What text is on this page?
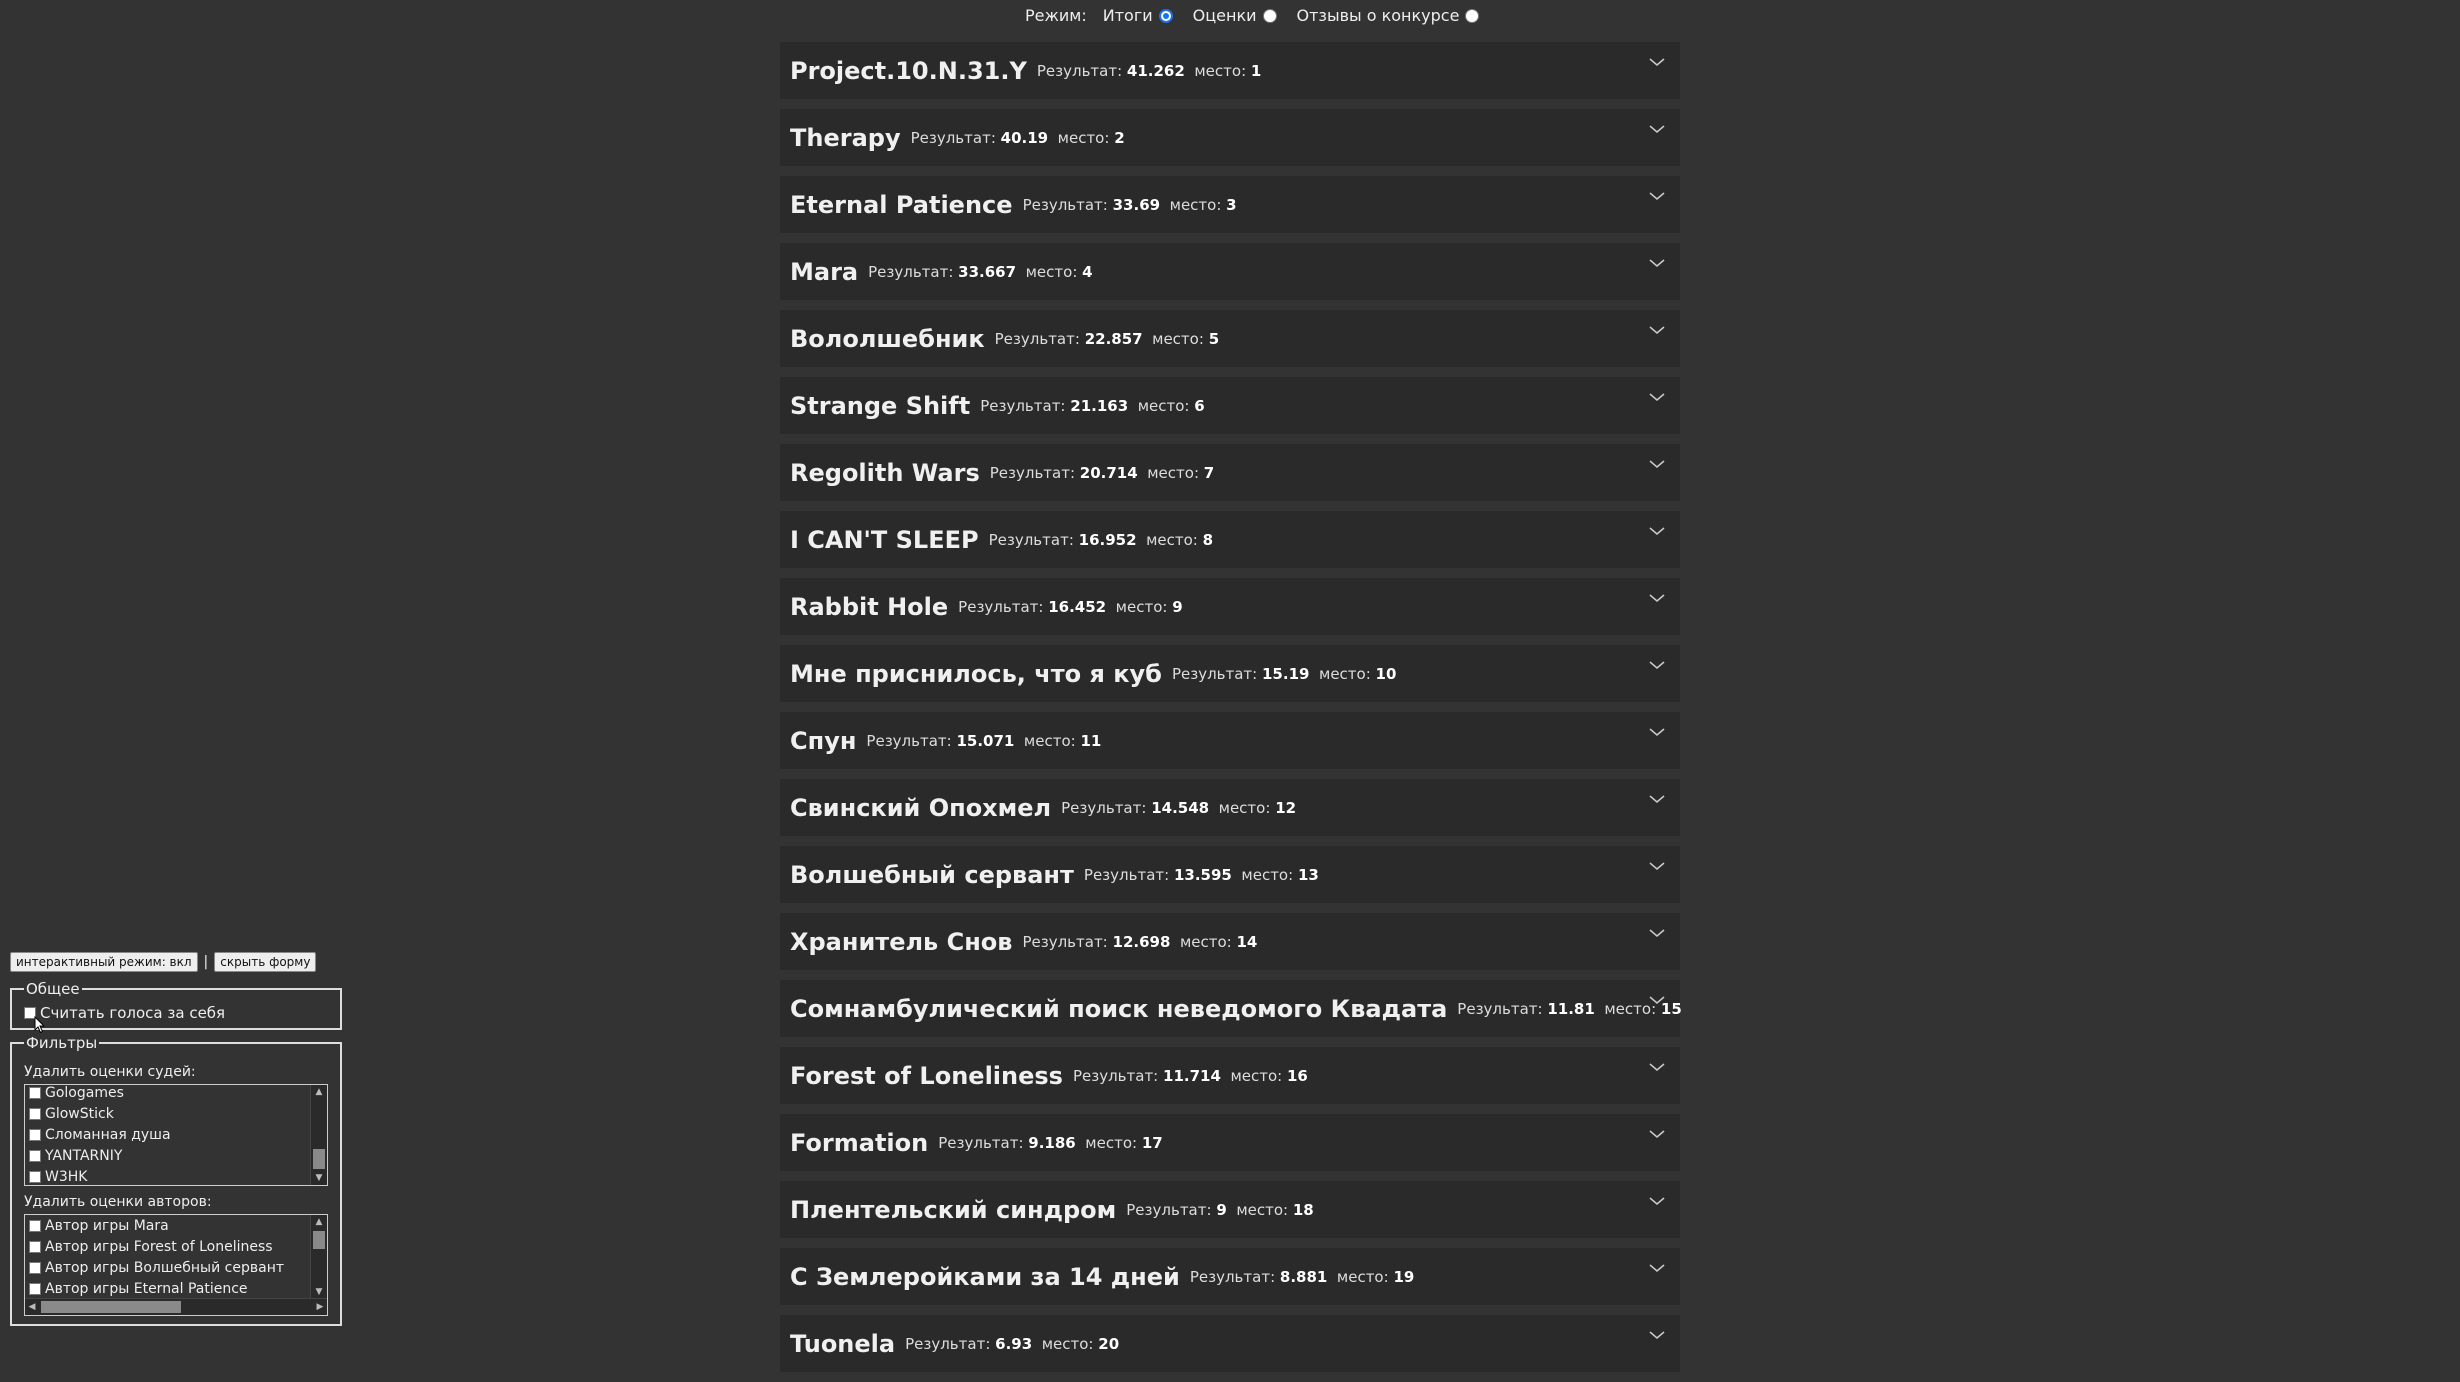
Режим: Итоги	Оценки	Отзывы о конкурсе
Project.10.N.31.Y Результат: 41.262 место: 1
Therapy Результат: 40.19 место: 2
Eternal Patience Результат: 33.69 место: 3
Mara Результат: 33.667 место: 4
Вололшебник Результат: 22.857 место: 5
Strange Shift Результат: 21.163 место: 6
Regolith Wars Результат: 20.714 место: 7
I CAN'T SLEEP Результат: 16.952 место: 8
Rabbit Hole Результат: 16.452 место: 9
Мне приснилось, что я куб Результат: 15.19 место: 10
Спун Результат: 15.071 место: 11
Свинский Опохмел Результат: 14.548 место: 12
Волшебный сервант Результат: 13.595 место: 13
Хранитель Снов Результат: 12.698 место: 14
Сомнамбулический поиск неведомого Квадата Результат: 11.81 место: 15
Forest of Loneliness Результат: 11.714 место: 16
Formation Результат: 9.186 место: 17
Плентельский синдром Результат: 9 место: 18
С Землеройками за 14 дней Результат: 8.881 место: 19
Tuonela Результат: 6.93 место: 20
интерактивный режим: вкл |	скрыть форму
Общее
Считать голоса за себя
Фильтры
Удалить оценки судей:
Gologames
GlowStick
Сломанная душа
YANTARNIY
W3HK
▲
▼
Удалить оценки авторов:
Автор игры Mara
Автор игры Forest of Loneliness
Автор игры Волшебный сервант
Автор игры Eternal Patience
▲
▼
◀	▶
